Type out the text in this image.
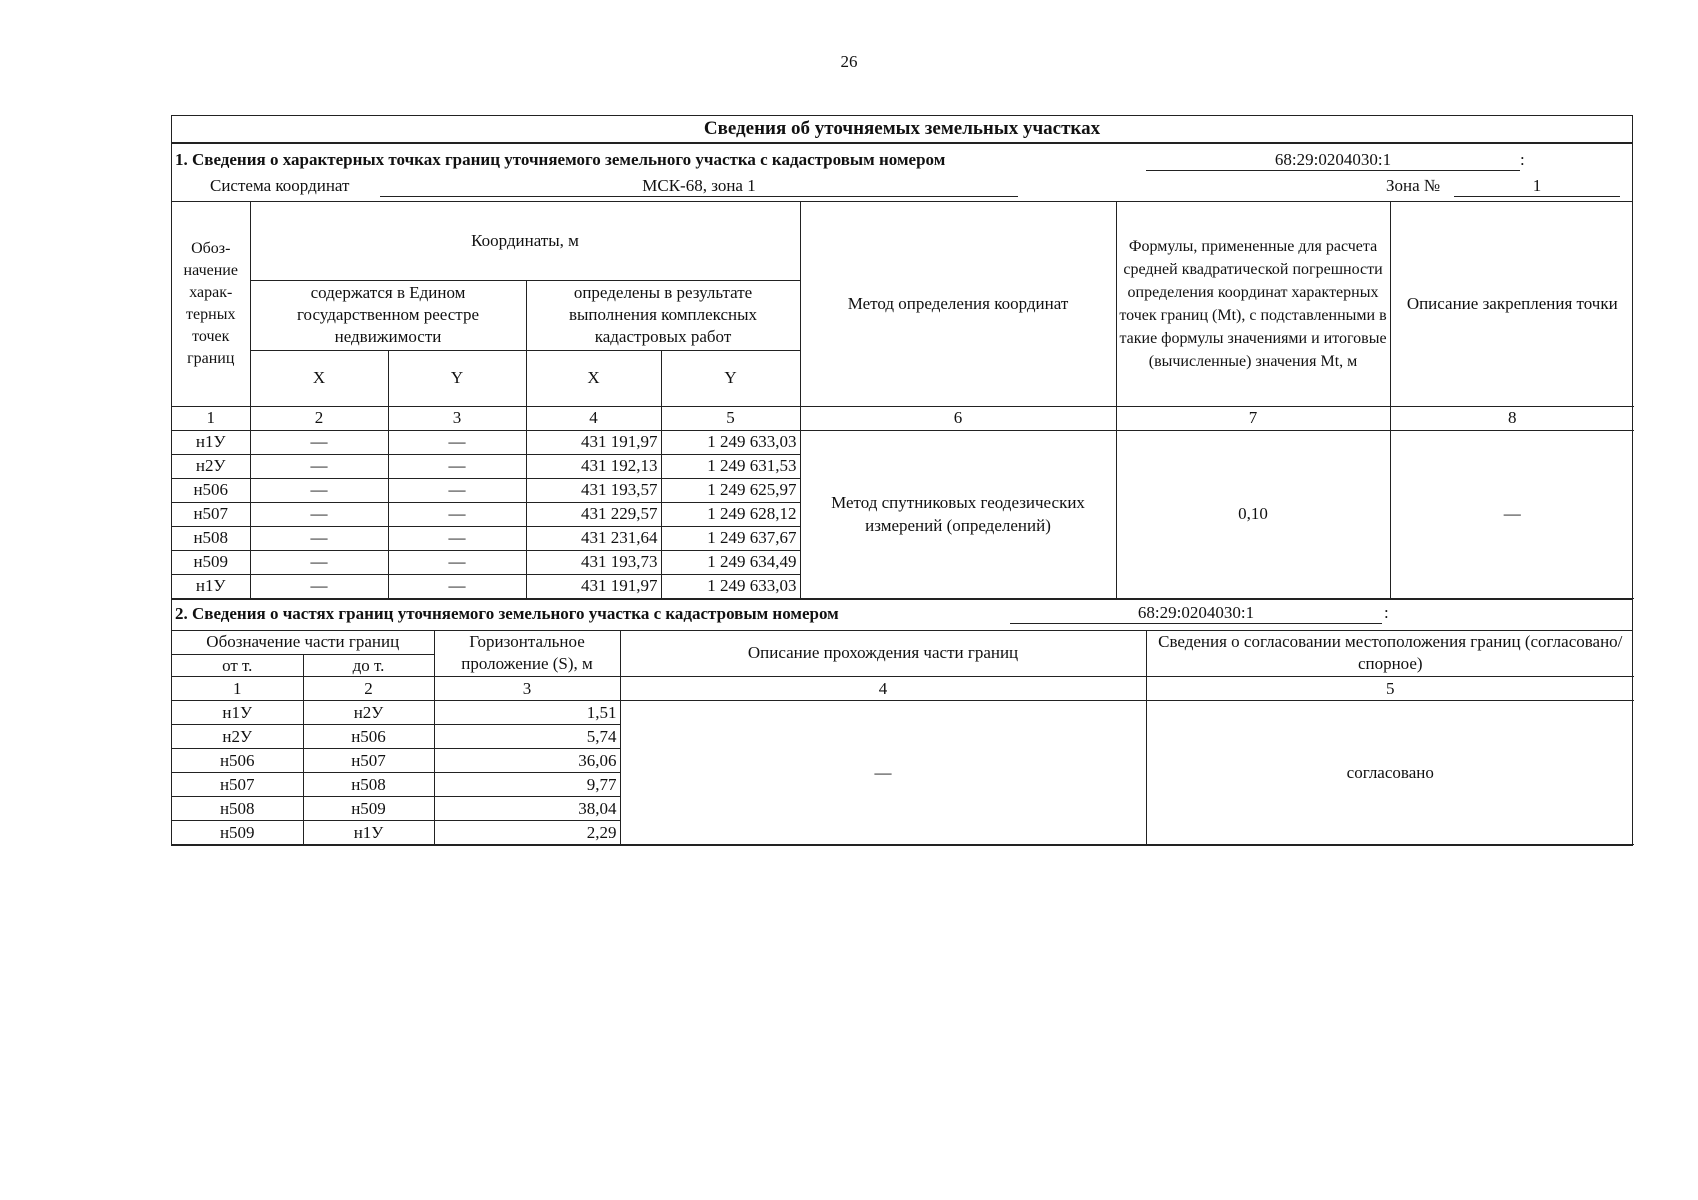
26
Сведения об уточняемых земельных участках
1. Сведения о характерных точках границ уточняемого земельного участка с кадастровым номером	68:29:0204030:1	:
Система координат	МСК-68, зона 1	Зона №	1
Обоз-начение харак-терных точек границ	Координаты, м				Метод определения координат	Формулы, примененные для расчета средней квадратической погрешности определения координат характерных точек границ (Mt), с подставленными в такие формулы значениями и итоговые (вычисленные) значения Mt, м	Описание закрепления точки
	содержатся в Едином государственном реестре недвижимости		определены в результате выполнения комплексных кадастровых работ				
	X	Y	X	Y			
1	2	3	4	5	6	7	8
н1У	—	—	431 191,97	1 249 633,03	Метод спутниковых геодезических измерений (определений)	0,10	—
н2У	—	—	431 192,13	1 249 631,53			
н506	—	—	431 193,57	1 249 625,97			
н507	—	—	431 229,57	1 249 628,12			
н508	—	—	431 231,64	1 249 637,67			
н509	—	—	431 193,73	1 249 634,49			
н1У	—	—	431 191,97	1 249 633,03			
2. Сведения о частях границ уточняемого земельного участка с кадастровым номером	68:29:0204030:1	:
Обозначение части границ		Горизонтальное проложение (S), м	Описание прохождения части границ	Сведения о согласовании местоположения границ (согласовано/спорное)
от т.	до т.			
1	2	3	4	5
н1У	н2У	1,51	—	согласовано
н2У	н506	5,74		
н506	н507	36,06		
н507	н508	9,77		
н508	н509	38,04		
н509	н1У	2,29		
